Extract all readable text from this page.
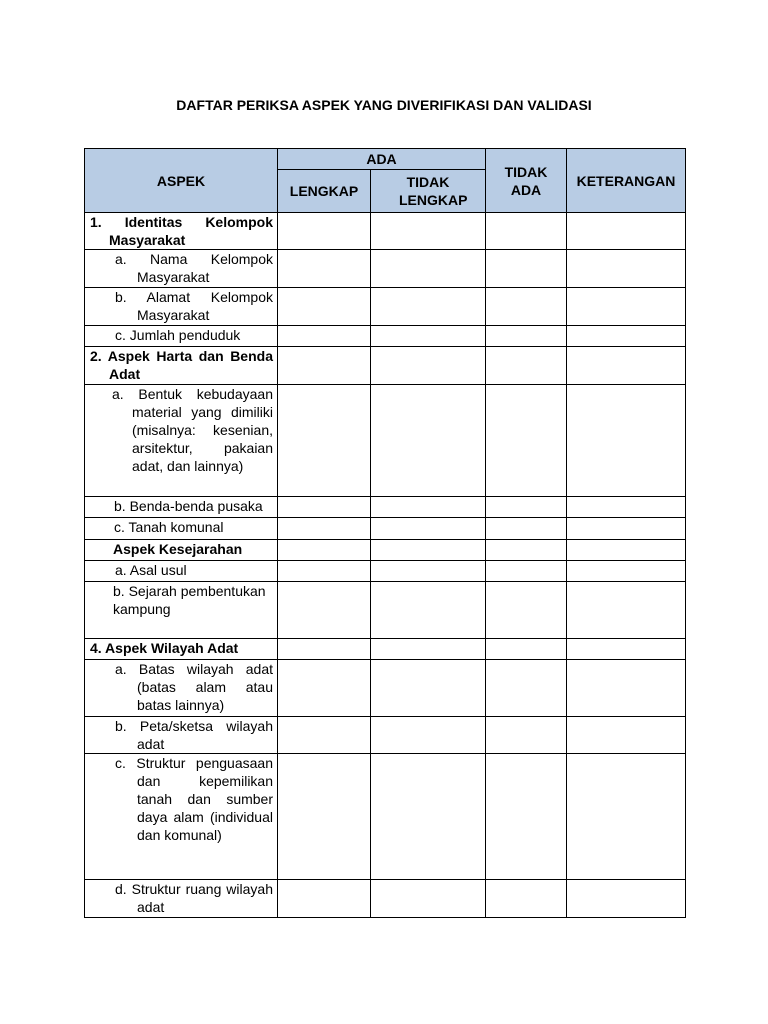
DAFTAR PERIKSA ASPEK YANG DIVERIFIKASI DAN VALIDASI
ASPEK	ADA		TIDAK ADA	KETERANGAN
	LENGKAP	TIDAK LENGKAP		

1. Identitas Kelompok Masyarakat				

a. Nama Kelompok Masyarakat				

b. Alamat Kelompok Masyarakat				

c. Jumlah penduduk				

2. Aspek Harta dan Benda Adat				

a. Bentuk kebudayaan material yang dimiliki (misalnya: kesenian, arsitektur, pakaian adat, dan lainnya)				

b. Benda-benda pusaka				

c. Tanah komunal				

Aspek Kesejarahan				

a. Asal usul				

b. Sejarah pembentukan kampung				

4. Aspek Wilayah Adat				

a. Batas wilayah adat (batas alam atau batas lainnya)				

b. Peta/sketsa wilayah adat				

c. Struktur penguasaan dan kepemilikan tanah dan sumber daya alam (individual dan komunal)				

d. Struktur ruang wilayah adat				
